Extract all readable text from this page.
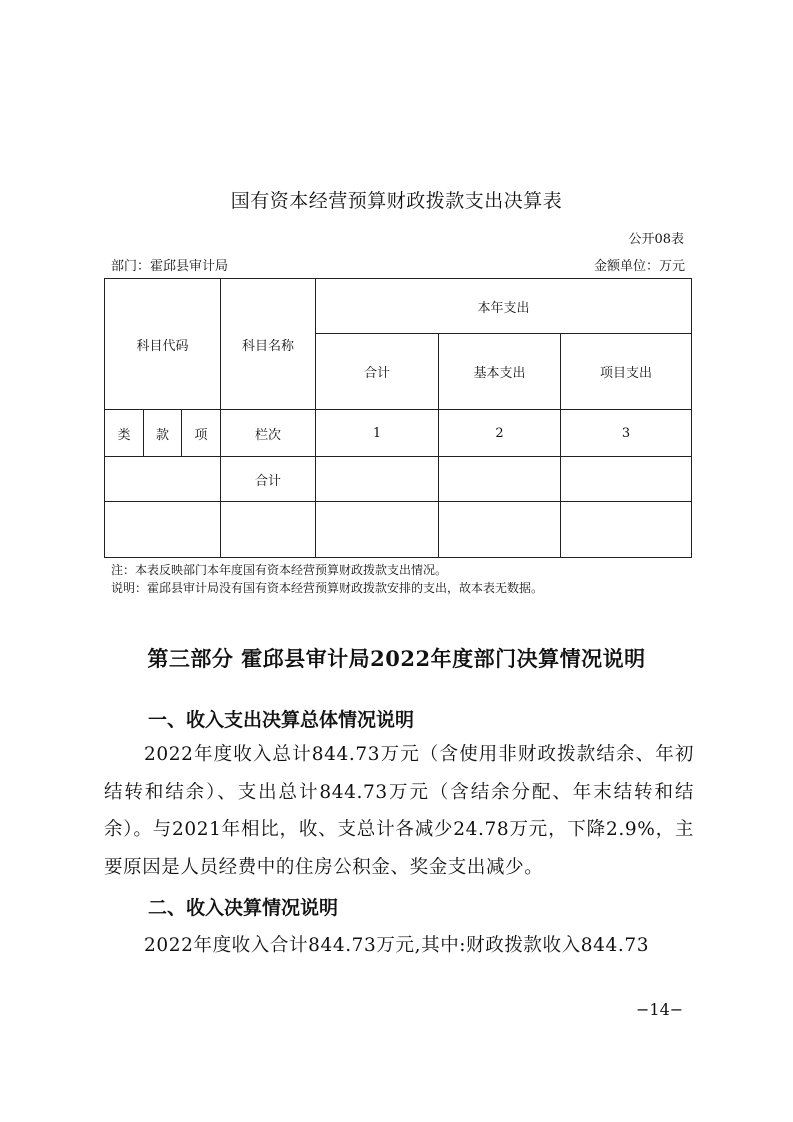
国有资本经营预算财政拨款支出决算表
公开08表
部门：霍邱县审计局	金额单位：万元
科目代码			科目名称	本年支出		
				合计	基本支出	项目支出
类	款	项	栏次	1	2	3
			合计			

注：本表反映部门本年度国有资本经营预算财政拨款支出情况。
说明：霍邱县审计局没有国有资本经营预算财政拨款安排的支出，故本表无数据。
第三部分 霍邱县审计局2022年度部门决算情况说明
一、收入支出决算总体情况说明
2022年度收入总计844.73万元（含使用非财政拨款结余、年初结转和结余）、支出总计844.73万元（含结余分配、年末结转和结余）。与2021年相比，收、支总计各减少24.78万元，下降2.9%，主要原因是人员经费中的住房公积金、奖金支出减少。
二、收入决算情况说明
2022年度收入合计844.73万元,其中:财政拨款收入844.73
−14−
